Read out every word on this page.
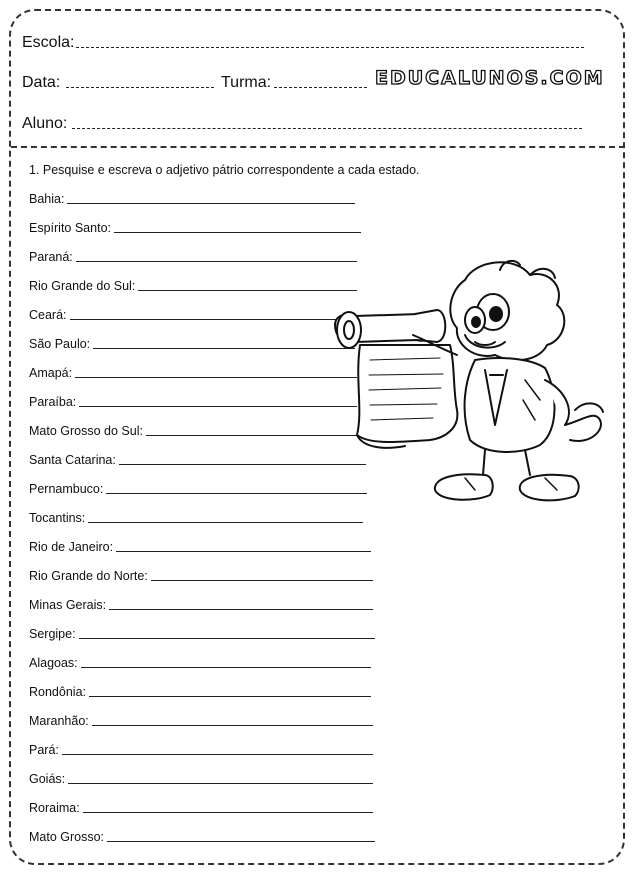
Escola:
Data:	Turma:	EDUCALUNOS.COM
Aluno:
1. Pesquise e escreva o adjetivo pátrio correspondente a cada estado.
Bahia:
Espírito Santo:
Paraná:
Rio Grande do Sul:
Ceará:
São Paulo:
Amapá:
Paraíba:
Mato Grosso do Sul:
Santa Catarina:
Pernambuco:
Tocantins:
Rio de Janeiro:
Rio Grande do Norte:
Minas Gerais:
Sergipe:
Alagoas:
Rondônia:
Maranhão:
Pará:
Goiás:
Roraima:
Mato Grosso:
